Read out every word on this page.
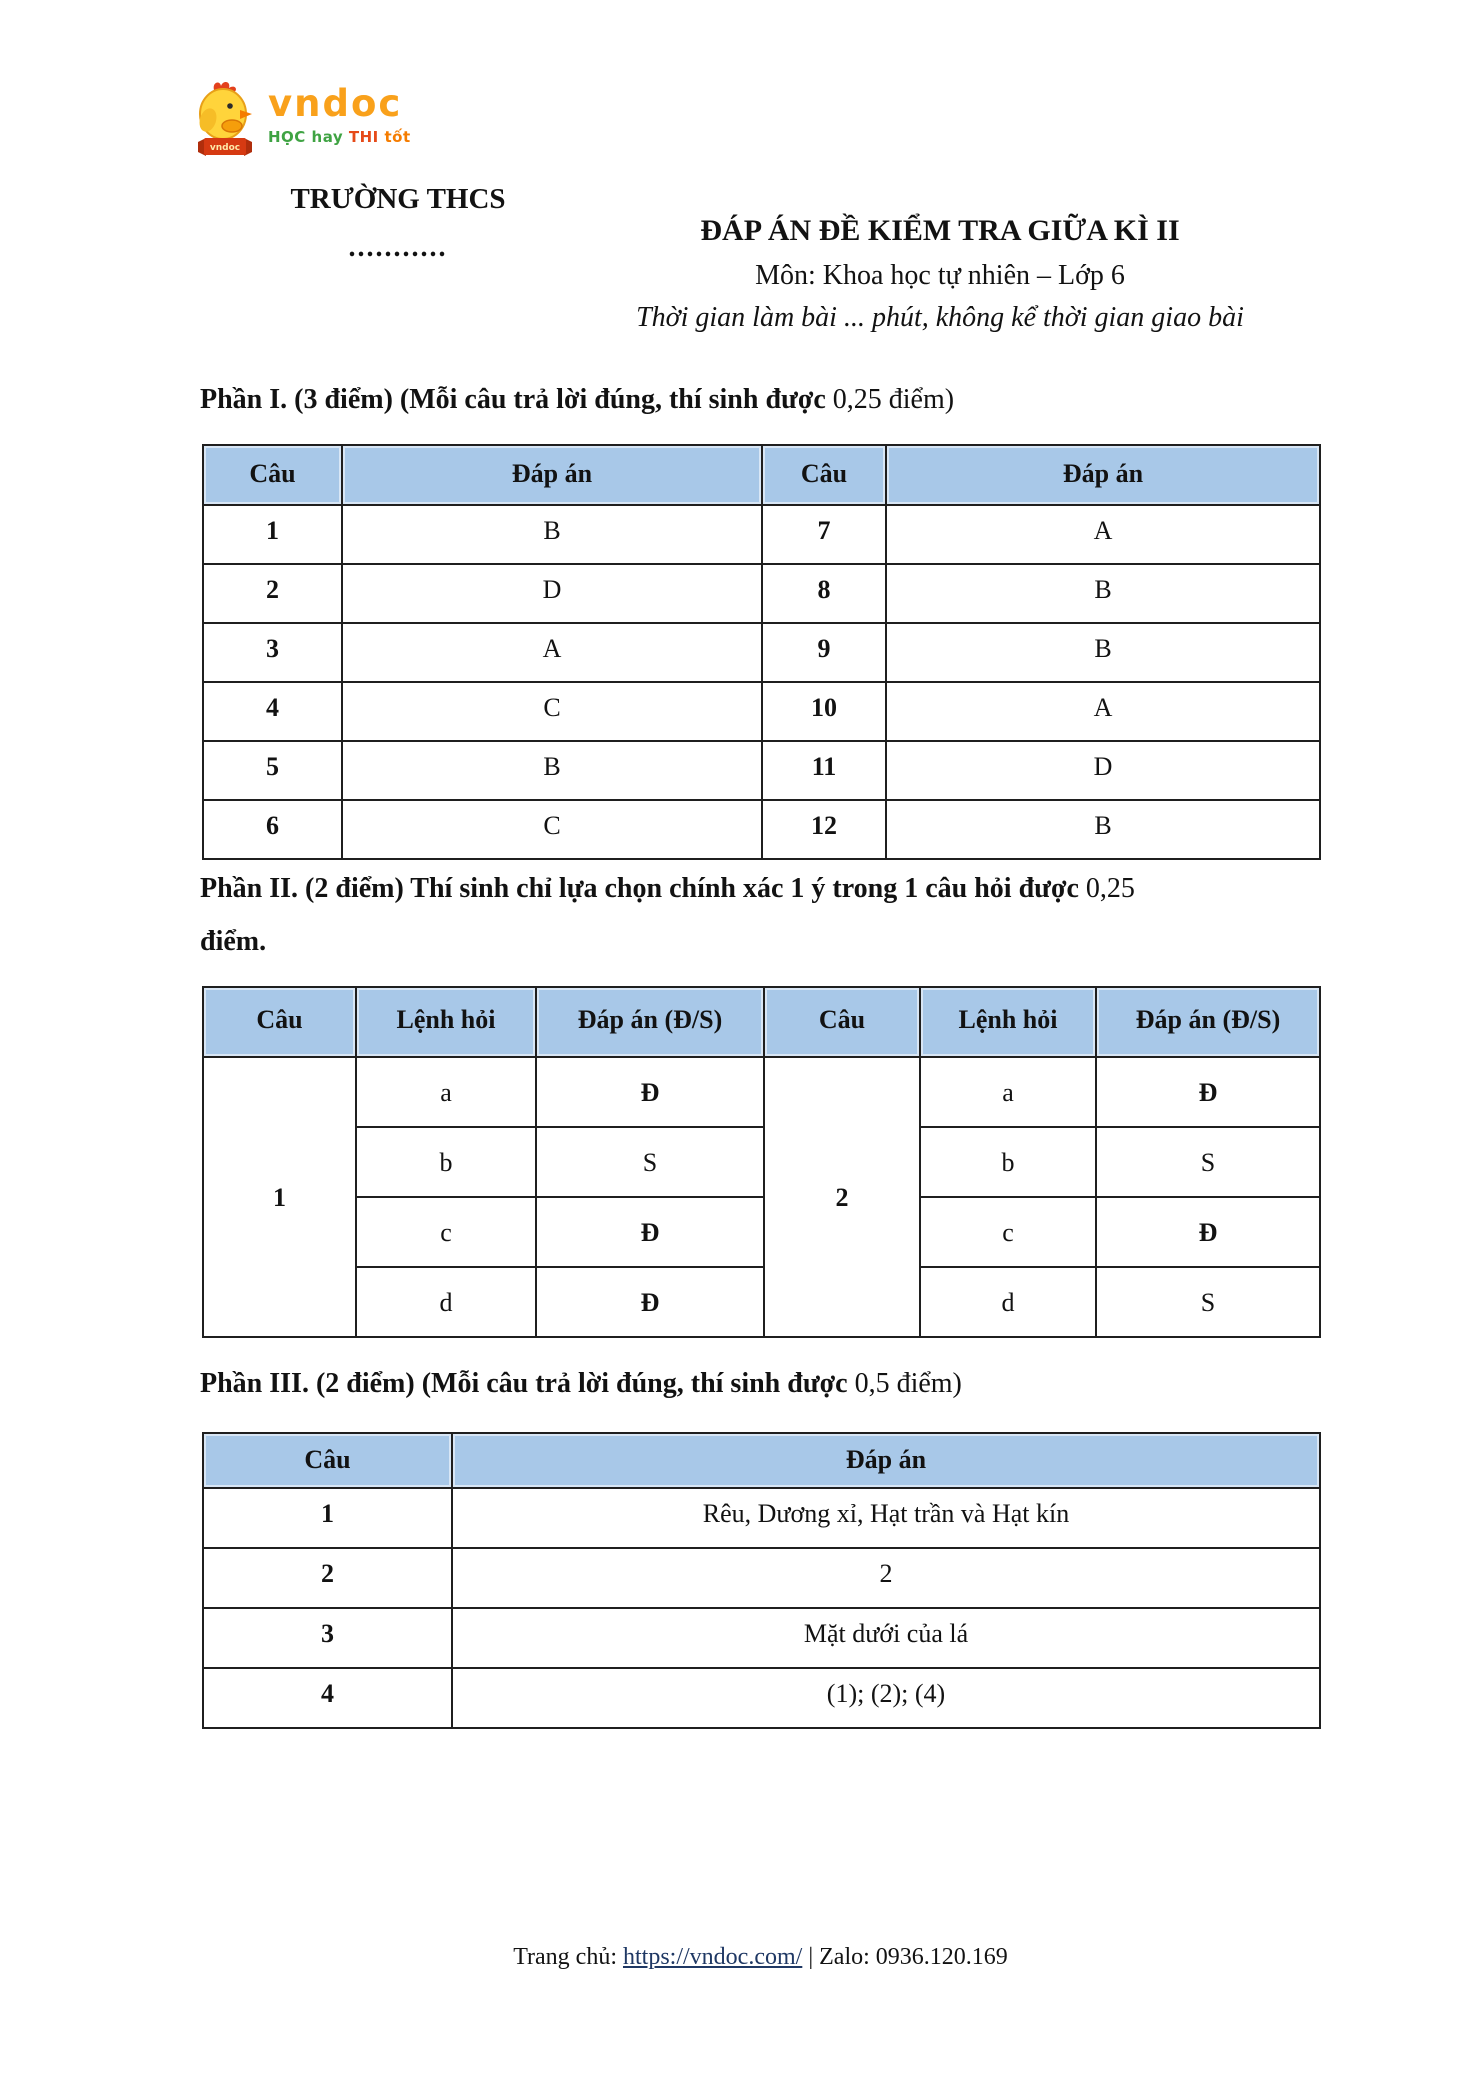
vndoc
vndoc
HỌC hay THI tốt
TRƯỜNG THCS
...........
ĐÁP ÁN ĐỀ KIỂM TRA GIỮA KÌ II
Môn: Khoa học tự nhiên – Lớp 6
Thời gian làm bài ... phút, không kể thời gian giao bài
Phần I. (3 điểm) (Mỗi câu trả lời đúng, thí sinh được 0,25 điểm)
Câu	Đáp án	Câu	Đáp án
1	B	7	A
2	D	8	B
3	A	9	B
4	C	10	A
5	B	11	D
6	C	12	B
Phần II. (2 điểm) Thí sinh chỉ lựa chọn chính xác 1 ý trong 1 câu hỏi được 0,25
điểm.
Câu	Lệnh hỏi	Đáp án (Đ/S)	Câu	Lệnh hỏi	Đáp án (Đ/S)
1	a	Đ	2	a	Đ
	b	S		b	S
	c	Đ		c	Đ
	d	Đ		d	S
Phần III. (2 điểm) (Mỗi câu trả lời đúng, thí sinh được 0,5 điểm)
Câu	Đáp án
1	Rêu, Dương xỉ, Hạt trần và Hạt kín
2	2
3	Mặt dưới của lá
4	(1); (2); (4)
Trang chủ: https://vndoc.com/ | Zalo: 0936.120.169
